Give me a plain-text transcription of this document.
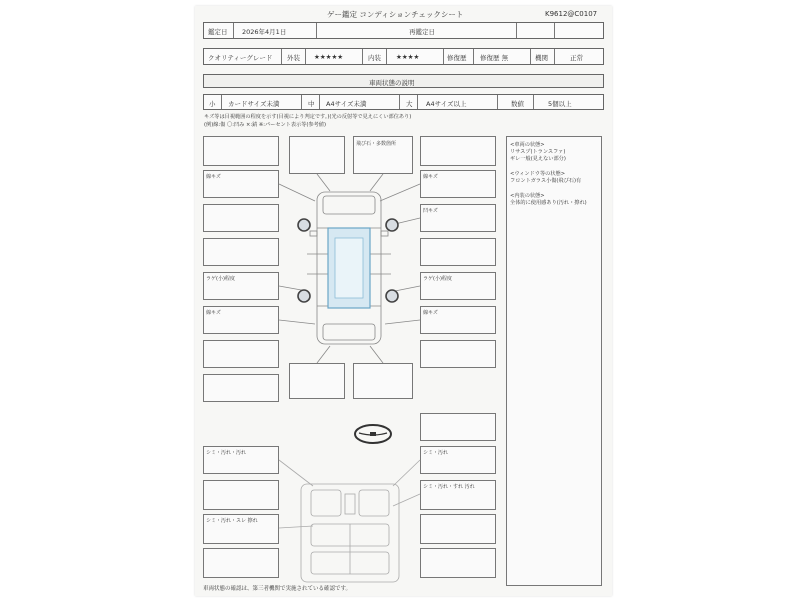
ゲー鑑定 コンディションチェックシート	K9612@C0107
鑑定日 2026年4月1日	再鑑定日
クオリティーグレード 外装 ★★★★★	内装 ★★★★	修復歴 修復歴 無	機関	正常
車両状態の説明
小 カードサイズ未満	中 A4サイズ未満	大 A4サイズ以上	数値	5個以上
キズ等は目視範囲の程度を示す(目視により判定です。)(光の反射等で見えにくい部位あり)
(例)線:傷 〇:凹み ×:錆 ※:パーセント表示等(参考値)
<車両の状態>
リサスプ(トランスファ)
ギレ一般(見えない部分)
<ウィンドウ等の状態>
フロントガラス小傷(飛び石)有
<内装の状態>
全体的に使用感あり(汚れ・擦れ)
線キズ
ラゲ(小)程度
線キズ
飛び石・多数箇所
線キズ
凹キズ
ラゲ(小)程度
線キズ
シミ・汚れ・汚れ
シミ・汚れ・スレ 擦れ
シミ・汚れ
シミ・汚れ・すれ 汚れ
車両状態の確認は、第三者機関で実施されている確認です。
